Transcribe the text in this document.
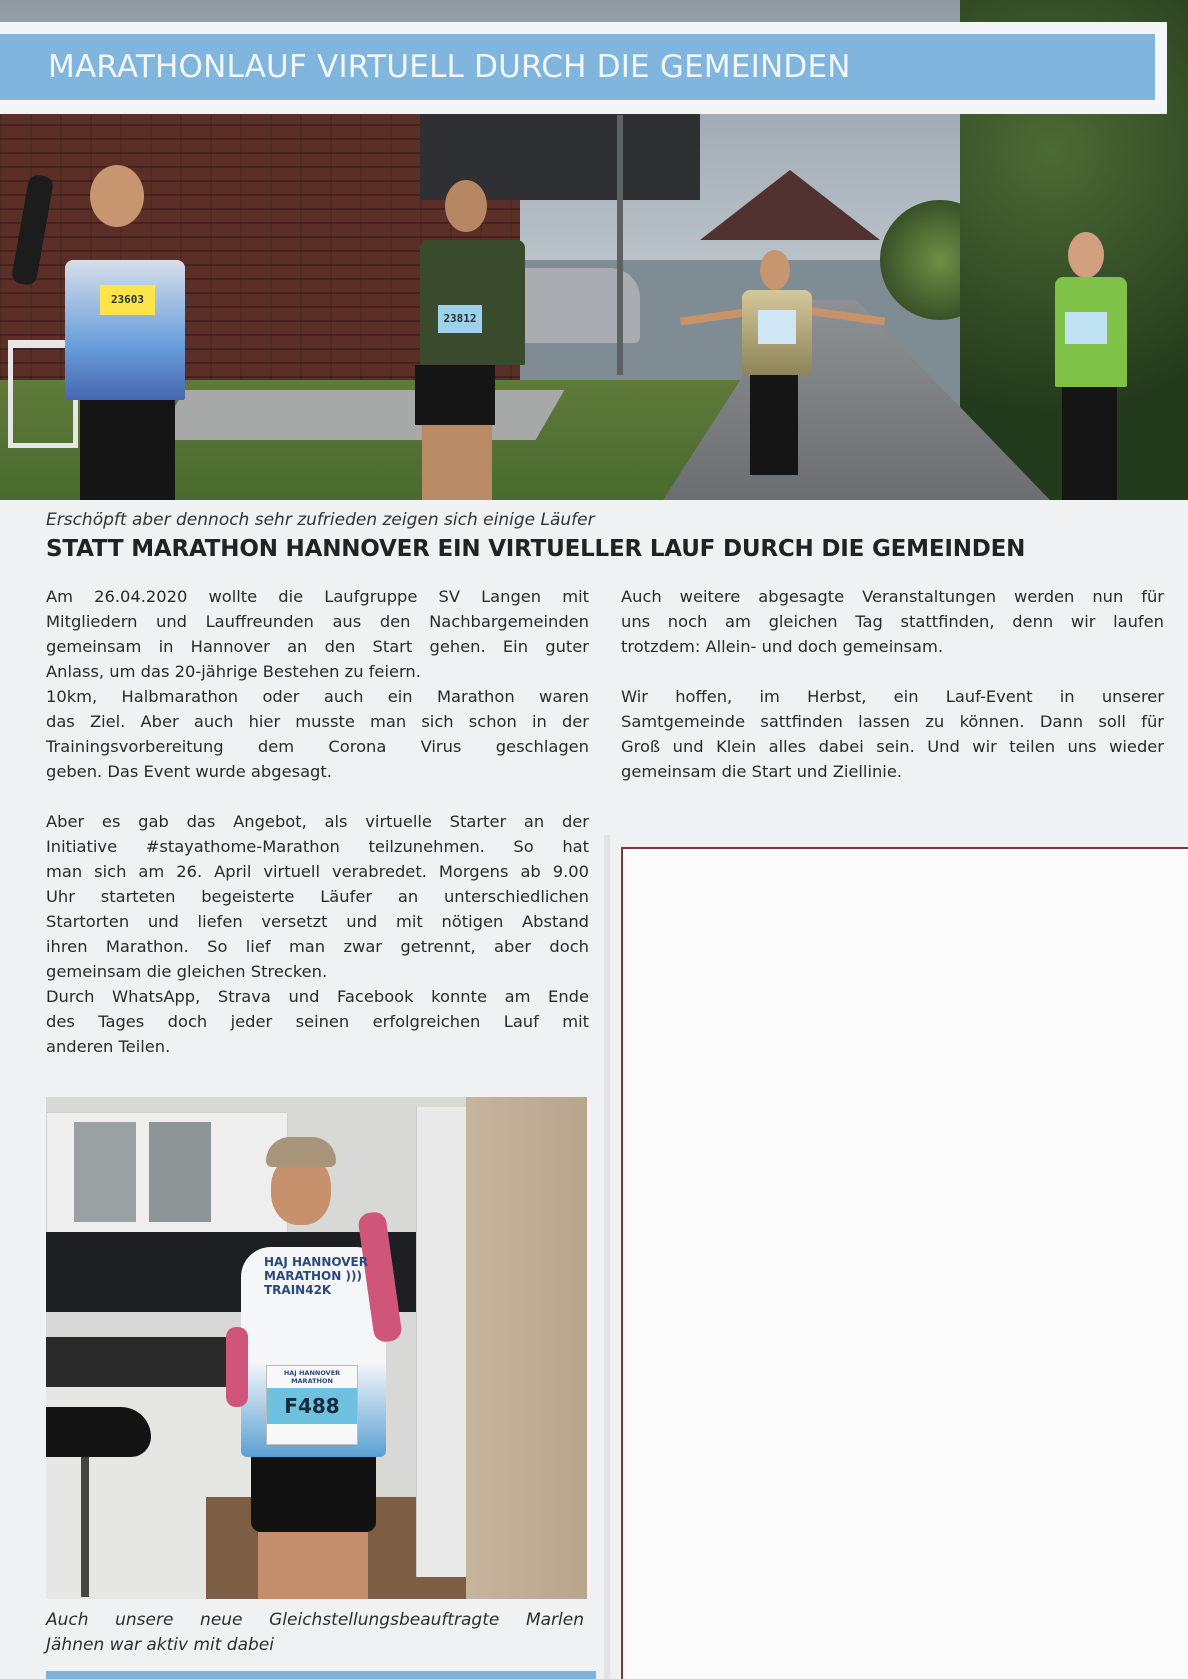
23603
23812
MARATHONLAUF VIRTUELL DURCH DIE GEMEINDEN
Erschöpft aber dennoch sehr zufrieden zeigen sich einige Läufer
STATT MARATHON HANNOVER EIN VIRTUELLER LAUF DURCH DIE GEMEINDEN

Am 26.04.2020 wollte die Laufgruppe SV Langen mit

Mitgliedern und Lauffreunden aus den Nachbargemeinden

gemeinsam in Hannover an den Start gehen. Ein guter

Anlass, um das 20-jährige Bestehen zu feiern.

10km, Halbmarathon oder auch ein Marathon waren

das Ziel. Aber auch hier musste man sich schon in der

Trainingsvorbereitung dem Corona Virus geschlagen

geben. Das Event wurde abgesagt.

Aber es gab das Angebot, als virtuelle Starter an der

Initiative #stayathome-Marathon teilzunehmen. So hat

man sich am 26. April virtuell verabredet. Morgens ab 9.00

Uhr starteten begeisterte Läufer an unterschiedlichen

Startorten und liefen versetzt und mit nötigen Abstand

ihren Marathon. So lief man zwar getrennt, aber doch

gemeinsam die gleichen Strecken.

Durch WhatsApp, Strava und Facebook konnte am Ende

des Tages doch jeder seinen erfolgreichen Lauf mit

anderen Teilen.

Auch weitere abgesagte Veranstaltungen werden nun für

uns noch am gleichen Tag stattfinden, denn wir laufen

trotzdem: Allein- und doch gemeinsam.

Wir hoffen, im Herbst, ein Lauf-Event in unserer

Samtgemeinde sattfinden lassen zu können. Dann soll für

Groß und Klein alles dabei sein. Und wir teilen uns wieder

gemeinsam die Start und Ziellinie.

HAJ HANNOVER
MARATHON )))
TRAIN42K
HAJ HANNOVER
MARATHON
F488
Auch unsere neue Gleichstellungsbeauftragte Marlen
Jähnen war aktiv mit dabei
